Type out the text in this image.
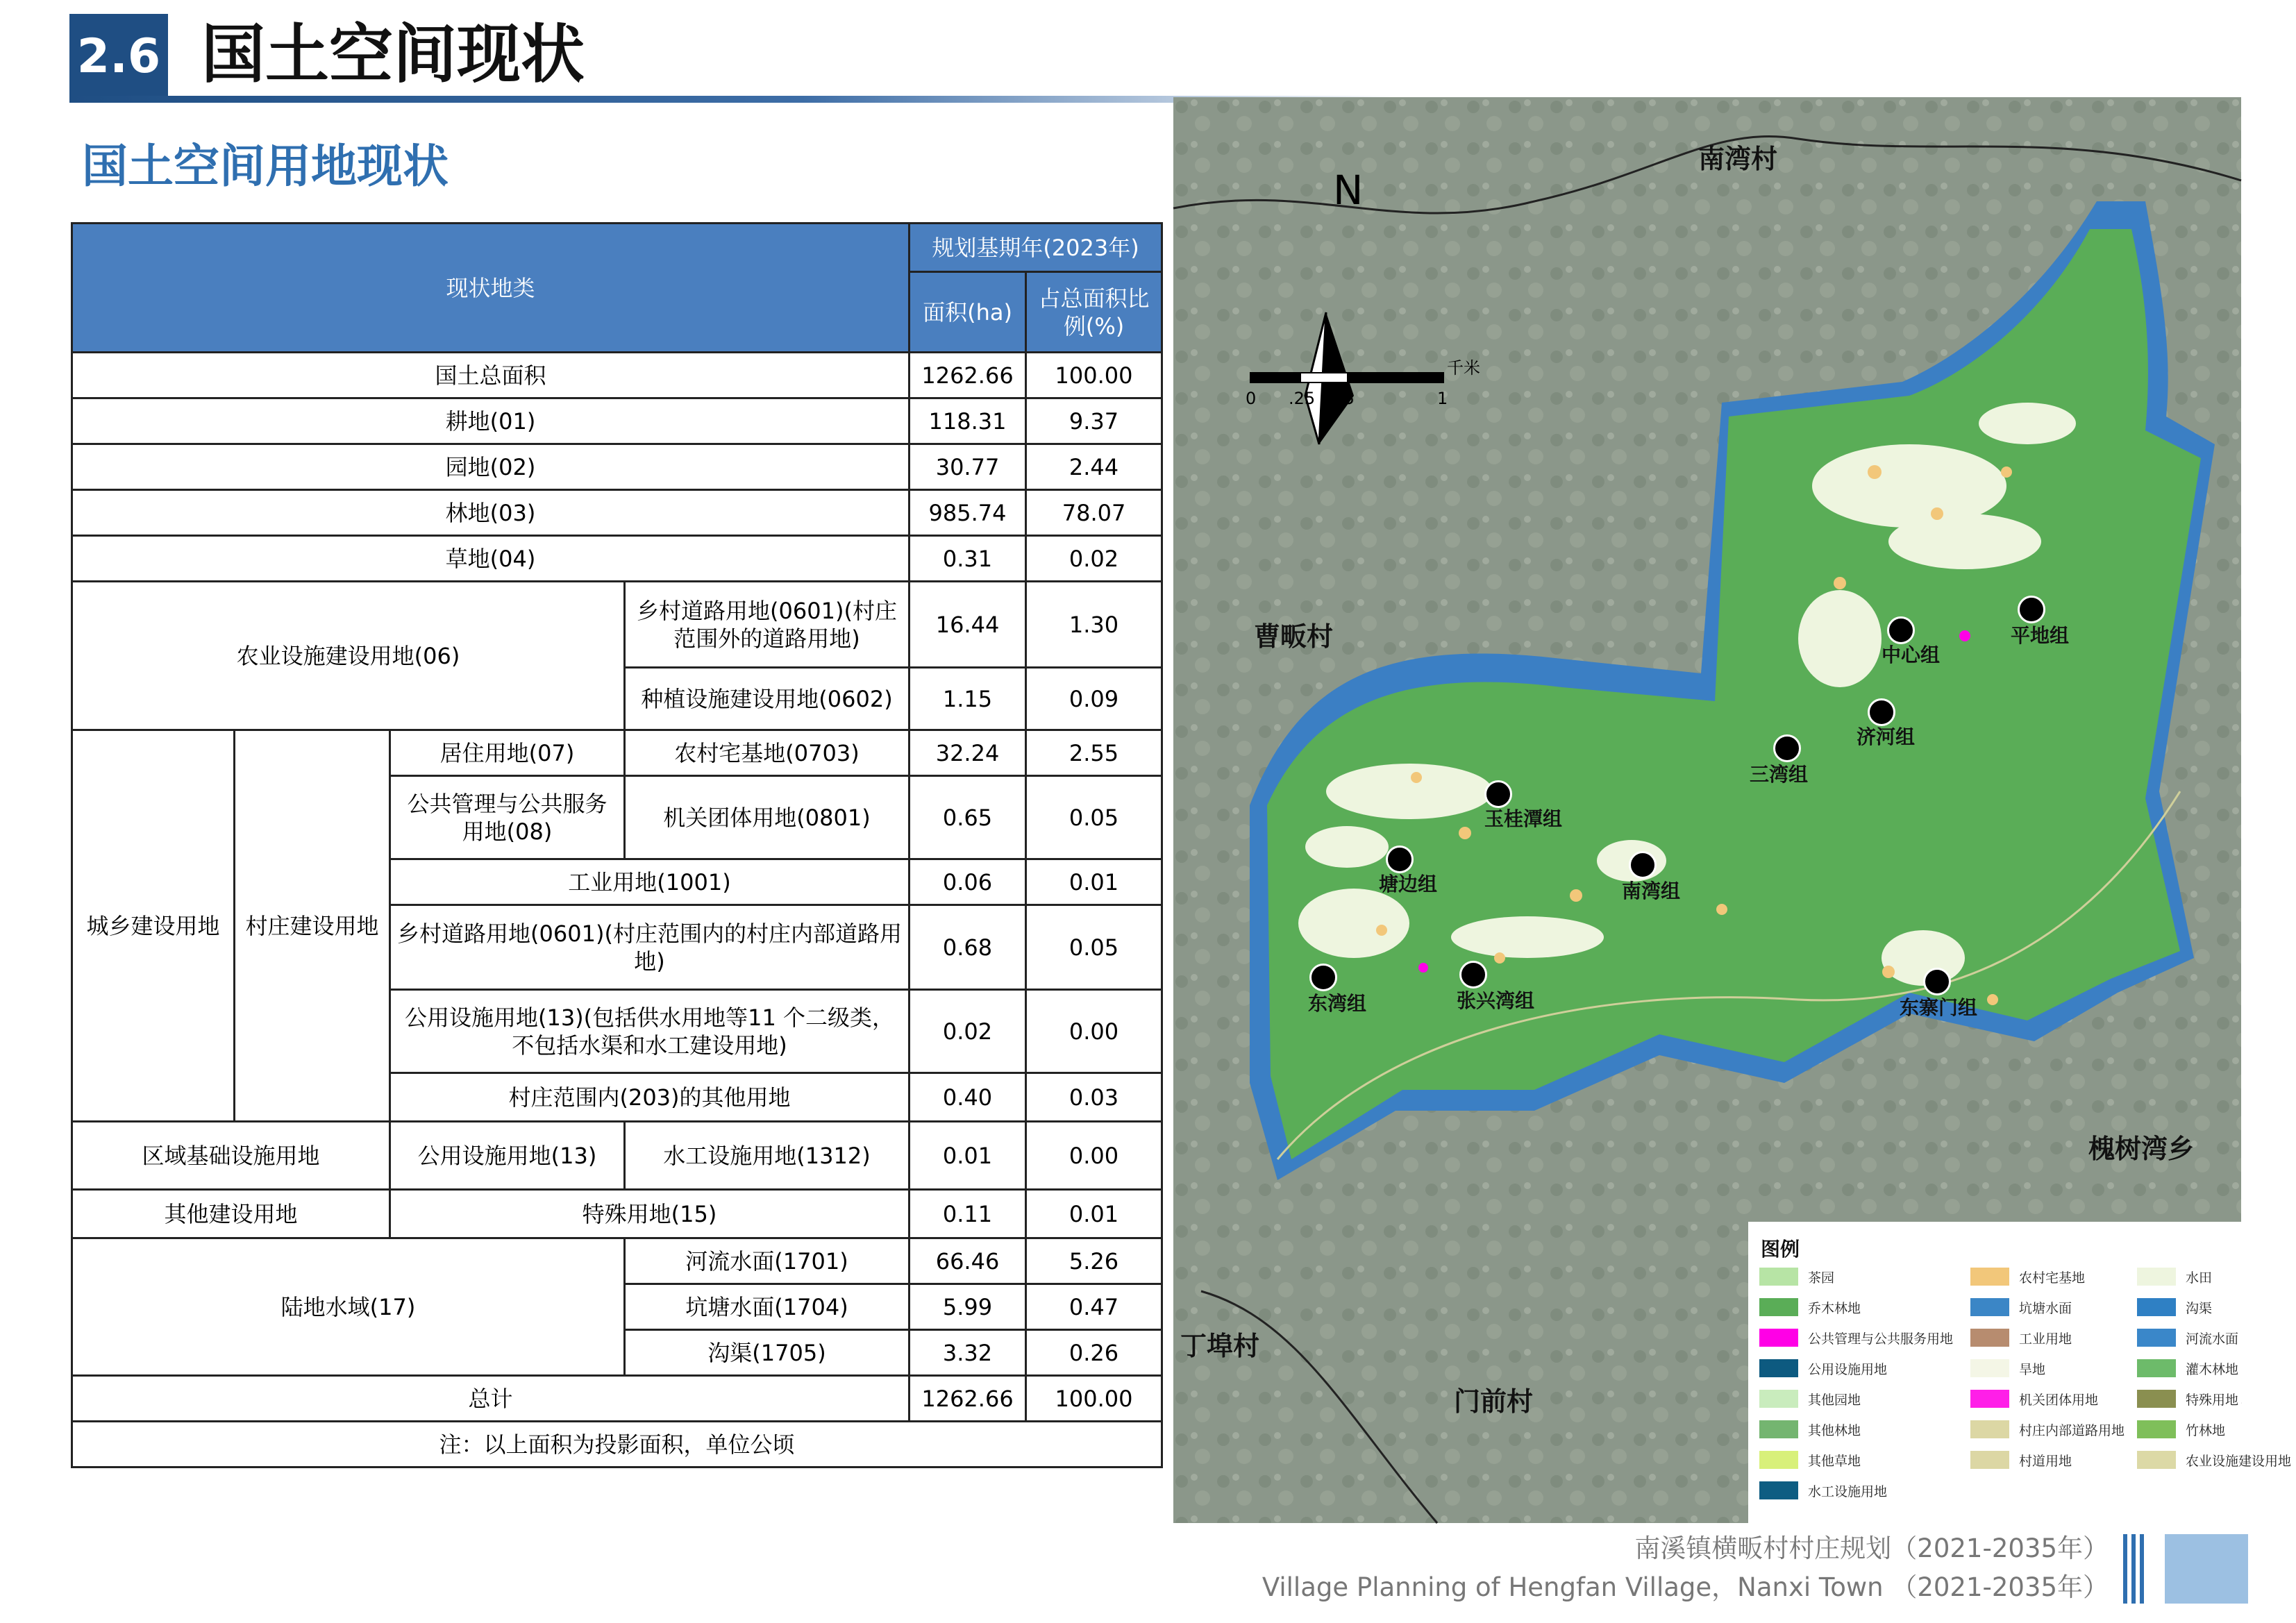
2.6 国土空间现状
国土空间用地现状
现状地类				规划基期年(2023年)	
				面积(ha)	占总面积比例(%)
国土总面积				1262.66	100.00
耕地(01)				118.31	9.37
园地(02)				30.77	2.44
林地(03)				985.74	78.07
草地(04)				0.31	0.02
农业设施建设用地(06)			乡村道路用地(0601)(村庄范围外的道路用地)	16.44	1.30
			种植设施建设用地(0602)	1.15	0.09
城乡建设用地	村庄建设用地	居住用地(07)	农村宅基地(0703)	32.24	2.55
		公共管理与公共服务用地(08)	机关团体用地(0801)	0.65	0.05
		工业用地(1001)		0.06	0.01
		乡村道路用地(0601)(村庄范围内的村庄内部道路用地)		0.68	0.05
		公用设施用地(13)(包括供水用地等11 个二级类，不包括水渠和水工建设用地)		0.02	0.00
		村庄范围内(203)的其他用地		0.40	0.03
区域基础设施用地		公用设施用地(13)	水工设施用地(1312)	0.01	0.00
其他建设用地		特殊用地(15)		0.11	0.01
陆地水域(17)			河流水面(1701)	66.46	5.26
			坑塘水面(1704)	5.99	0.47
			沟渠(1705)	3.32	0.26
总计				1262.66	100.00
注：以上面积为投影面积，单位公顷					
N
0 .25 .5	1
千米
南湾村
曹畈村
槐树湾乡
丁埠村
门前村
中心组
平地组
济河组
三湾组
玉桂潭组
塘边组	南湾组
东湾组	张兴湾组	东寨门组
图例
茶园	农村宅基地	水田
乔木林地	坑塘水面	沟渠
公共管理与公共服务用地	工业用地	河流水面
公用设施用地	旱地	灌木林地
其他园地	机关团体用地	特殊用地
其他林地	村庄内部道路用地	竹林地
其他草地	村道用地	农业设施建设用地
水工设施用地
南溪镇横畈村村庄规划（2021-2035年）
Village Planning of Hengfan Village，Nanxi Town （2021-2035年）
